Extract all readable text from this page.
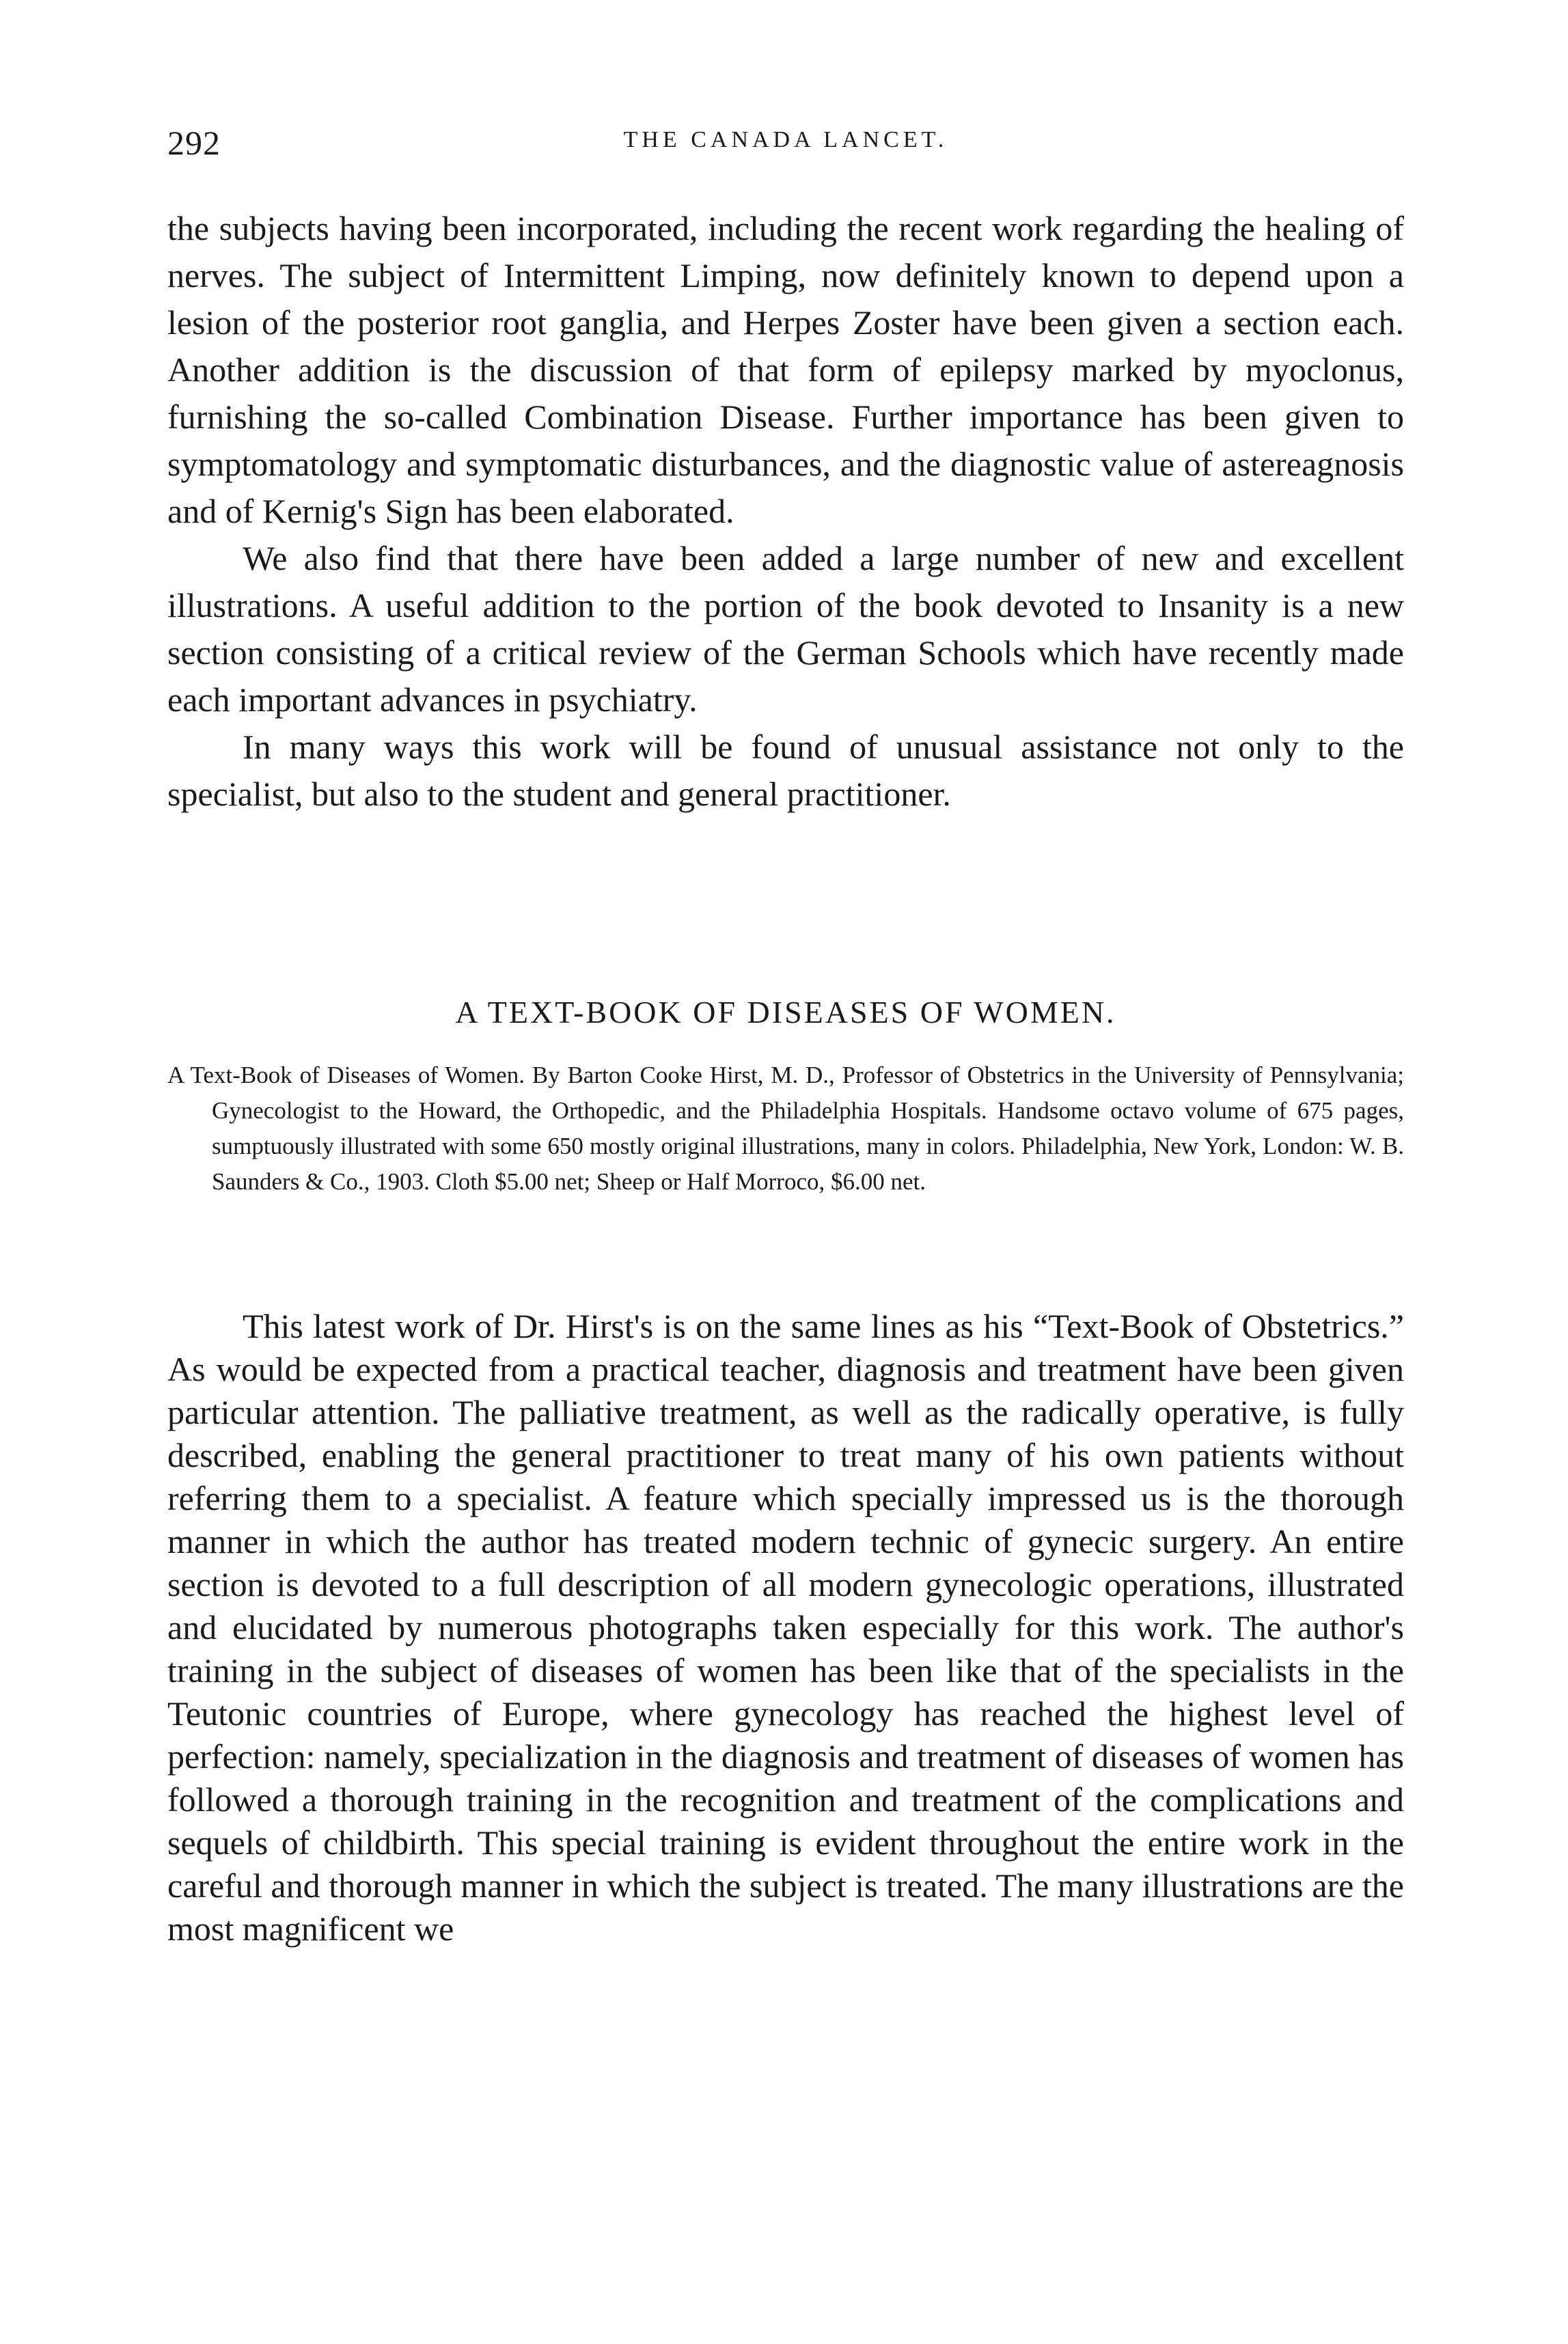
292	THE CANADA LANCET.

the subjects having been incorporated, including the recent work regarding the healing of nerves. The subject of Intermittent Limping, now definitely known to depend upon a lesion of the posterior root ganglia, and Herpes Zoster have been given a section each. Another addition is the discussion of that form of epilepsy marked by myoclonus, furnishing the so-called Combination Disease. Further importance has been given to symptomatology and symptomatic disturbances, and the diagnostic value of astereagnosis and of Kernig's Sign has been elaborated.

We also find that there have been added a large number of new and excellent illustrations. A useful addition to the portion of the book devoted to Insanity is a new section consisting of a critical review of the German Schools which have recently made each important advances in psychiatry.

In many ways this work will be found of unusual assistance not only to the specialist, but also to the student and general practitioner.

A TEXT-BOOK OF DISEASES OF WOMEN.
A Text-Book of Diseases of Women. By Barton Cooke Hirst, M. D., Professor of Obstetrics in the University of Pennsylvania; Gynecologist to the Howard, the Orthopedic, and the Philadelphia Hospitals. Handsome octavo volume of 675 pages, sumptuously illustrated with some 650 mostly original illustrations, many in colors. Philadelphia, New York, London: W. B. Saunders & Co., 1903. Cloth $5.00 net; Sheep or Half Morroco, $6.00 net.

This latest work of Dr. Hirst's is on the same lines as his “Text-Book of Obstetrics.” As would be expected from a practical teacher, diagnosis and treatment have been given particular attention. The palliative treatment, as well as the radically operative, is fully described, enabling the general practitioner to treat many of his own patients without referring them to a specialist. A feature which specially impressed us is the thorough manner in which the author has treated modern technic of gynecic surgery. An entire section is devoted to a full description of all modern gynecologic operations, illustrated and elucidated by numerous photographs taken especially for this work. The author's training in the subject of diseases of women has been like that of the specialists in the Teutonic countries of Europe, where gynecology has reached the highest level of perfection: namely, specialization in the diagnosis and treatment of diseases of women has followed a thorough training in the recognition and treatment of the complications and sequels of childbirth. This special training is evident throughout the entire work in the careful and thorough manner in which the subject is treated. The many illustrations are the most magnificent we
